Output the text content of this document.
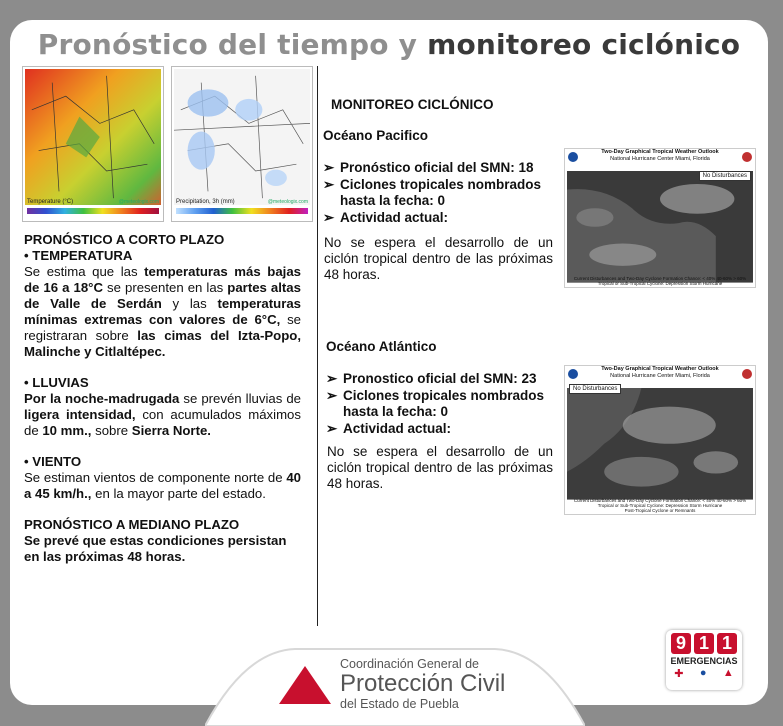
Pronóstico del tiempo y monitoreo ciclónico
Temperature (°C)	@meteologix.com	Precipitation, 3h (mm)	@meteologix.com

PRONÓSTICO A CORTO PLAZO

• TEMPERATURA

Se estima que las temperaturas más bajas de 16 a 18°C se presenten en las partes altas de Valle de Serdán y las temperaturas mínimas extremas con valores de 6°C, se registraran sobre las cimas del Izta-Popo, Malinche y Citlaltépec.

• LLUVIAS

Por la noche-madrugada se prevén lluvias de ligera intensidad, con acumulados máximos de 10 mm., sobre Sierra Norte.

• VIENTO

Se estiman vientos de componente norte de 40 a 45 km/h., en la mayor parte del estado.

PRONÓSTICO A MEDIANO PLAZO

Se prevé que estas condiciones persistan en las próximas 48 horas.

MONITOREO CICLÓNICO
Océano Pacifico
➢ Pronóstico oficial del SMN: 18
➢ Ciclones tropicales nombrados hasta la fecha: 0
➢ Actividad actual:
No se espera el desarrollo de un ciclón tropical dentro de las próximas 48 horas.
Océano Atlántico
➢ Pronostico oficial del SMN: 23
➢ Ciclones tropicales nombrados hasta la fecha: 0
➢ Actividad actual:
No se espera el desarrollo de un ciclón tropical dentro de las próximas 48 horas.
Two-Day Graphical Tropical Weather Outlook
National Hurricane Center Miami, Florida
No Disturbances
Current Disturbances and Two-Day Cyclone Formation Chance: < 40% 40-60% > 60%
Tropical or Sub-Tropical Cyclone: Depression Storm Hurricane
Two-Day Graphical Tropical Weather Outlook
National Hurricane Center Miami, Florida
No Disturbances
Current Disturbances and Two-Day Cyclone Formation Chance: < 40% 40-60% > 60%
Tropical or Sub-Tropical Cyclone: Depression Storm Hurricane
Post-Tropical Cyclone or Remnants
Coordinación General de
Protección Civil
del Estado de Puebla
9 1 1
EMERGENCIAS
✚ ● ▲
